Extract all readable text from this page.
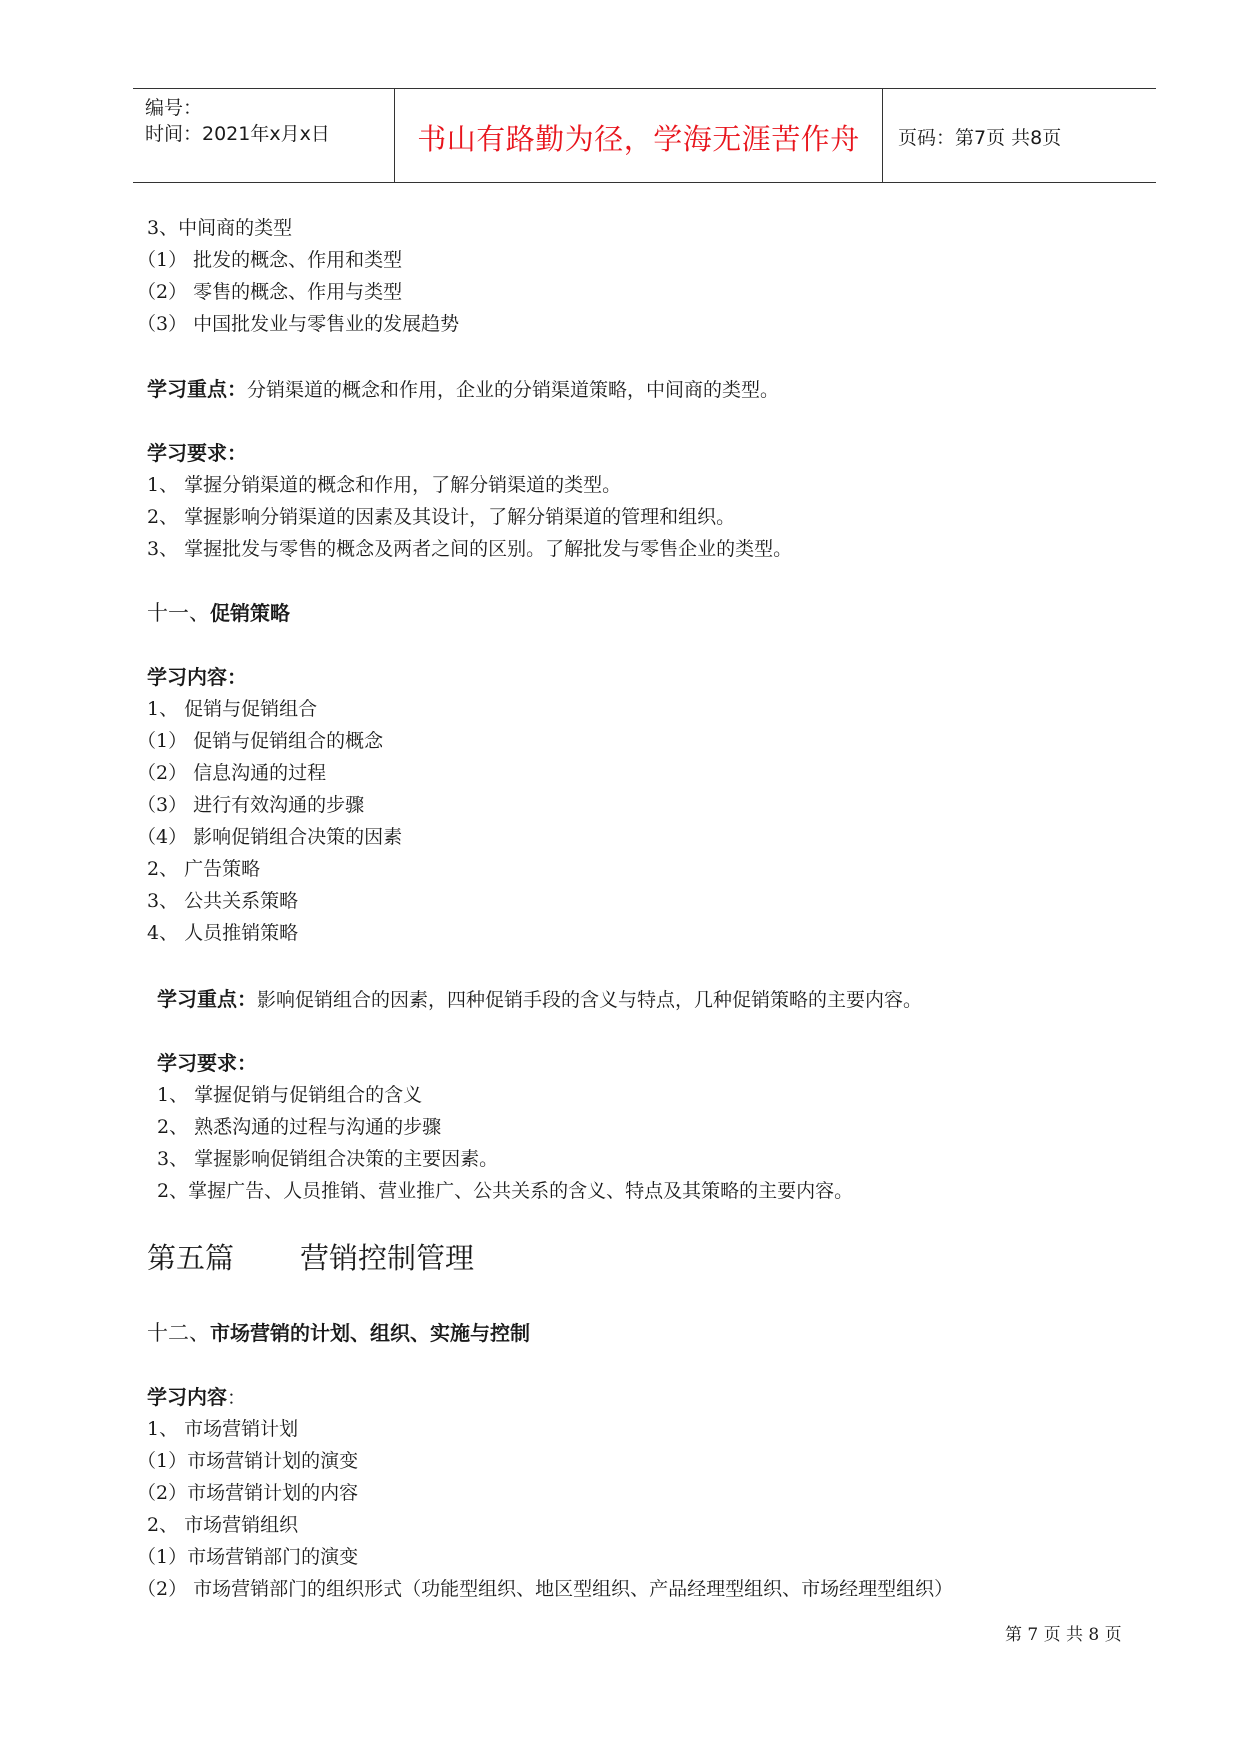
编号：
时间：2021年x月x日	书山有路勤为径，学海无涯苦作舟	页码：第7页 共8页
3、中间商的类型
（1） 批发的概念、作用和类型
（2） 零售的概念、作用与类型
（3） 中国批发业与零售业的发展趋势
学习重点：分销渠道的概念和作用，企业的分销渠道策略，中间商的类型。
学习要求：
1、 掌握分销渠道的概念和作用，了解分销渠道的类型。
2、 掌握影响分销渠道的因素及其设计，了解分销渠道的管理和组织。
3、 掌握批发与零售的概念及两者之间的区别。了解批发与零售企业的类型。
十一、促销策略
学习内容：
1、 促销与促销组合
（1） 促销与促销组合的概念
（2） 信息沟通的过程
（3） 进行有效沟通的步骤
（4） 影响促销组合决策的因素
2、 广告策略
3、 公共关系策略
4、 人员推销策略
学习重点：影响促销组合的因素，四种促销手段的含义与特点，几种促销策略的主要内容。
学习要求：
1、 掌握促销与促销组合的含义
2、 熟悉沟通的过程与沟通的步骤
3、 掌握影响促销组合决策的主要因素。
2、掌握广告、人员推销、营业推广、公共关系的含义、特点及其策略的主要内容。
第五篇 营销控制管理
十二、市场营销的计划、组织、实施与控制
学习内容：
1、 市场营销计划
（1）市场营销计划的演变
（2）市场营销计划的内容
2、 市场营销组织
（1）市场营销部门的演变
（2） 市场营销部门的组织形式（功能型组织、地区型组织、产品经理型组织、市场经理型组织）
第 7 页 共 8 页
